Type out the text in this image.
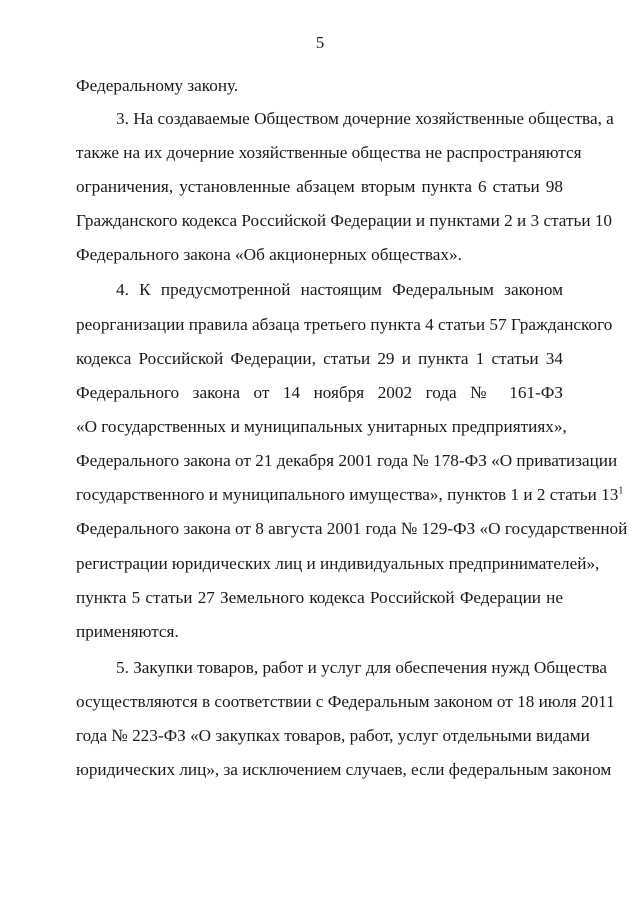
5
Федеральному закону.
3. На создаваемые Обществом дочерние хозяйственные общества, а
также на их дочерние хозяйственные общества не распространяются
ограничения, установленные абзацем вторым пункта 6 статьи 98
Гражданского кодекса Российской Федерации и пунктами 2 и 3 статьи 10
Федерального закона «Об акционерных обществах».
4. К предусмотренной настоящим Федеральным законом
реорганизации правила абзаца третьего пункта 4 статьи 57 Гражданского
кодекса Российской Федерации, статьи 29 и пункта 1 статьи 34
Федерального закона от 14 ноября 2002 года № 161-ФЗ
«О государственных и муниципальных унитарных предприятиях»,
Федерального закона от 21 декабря 2001 года № 178-ФЗ «О приватизации
государственного и муниципального имущества», пунктов 1 и 2 статьи $13^1$
Федерального закона от 8 августа 2001 года № 129-ФЗ «О государственной
регистрации юридических лиц и индивидуальных предпринимателей»,
пункта 5 статьи 27 Земельного кодекса Российской Федерации не
применяются.
5. Закупки товаров, работ и услуг для обеспечения нужд Общества
осуществляются в соответствии с Федеральным законом от 18 июля 2011
года № 223-ФЗ «О закупках товаров, работ, услуг отдельными видами
юридических лиц», за исключением случаев, если федеральным законом
